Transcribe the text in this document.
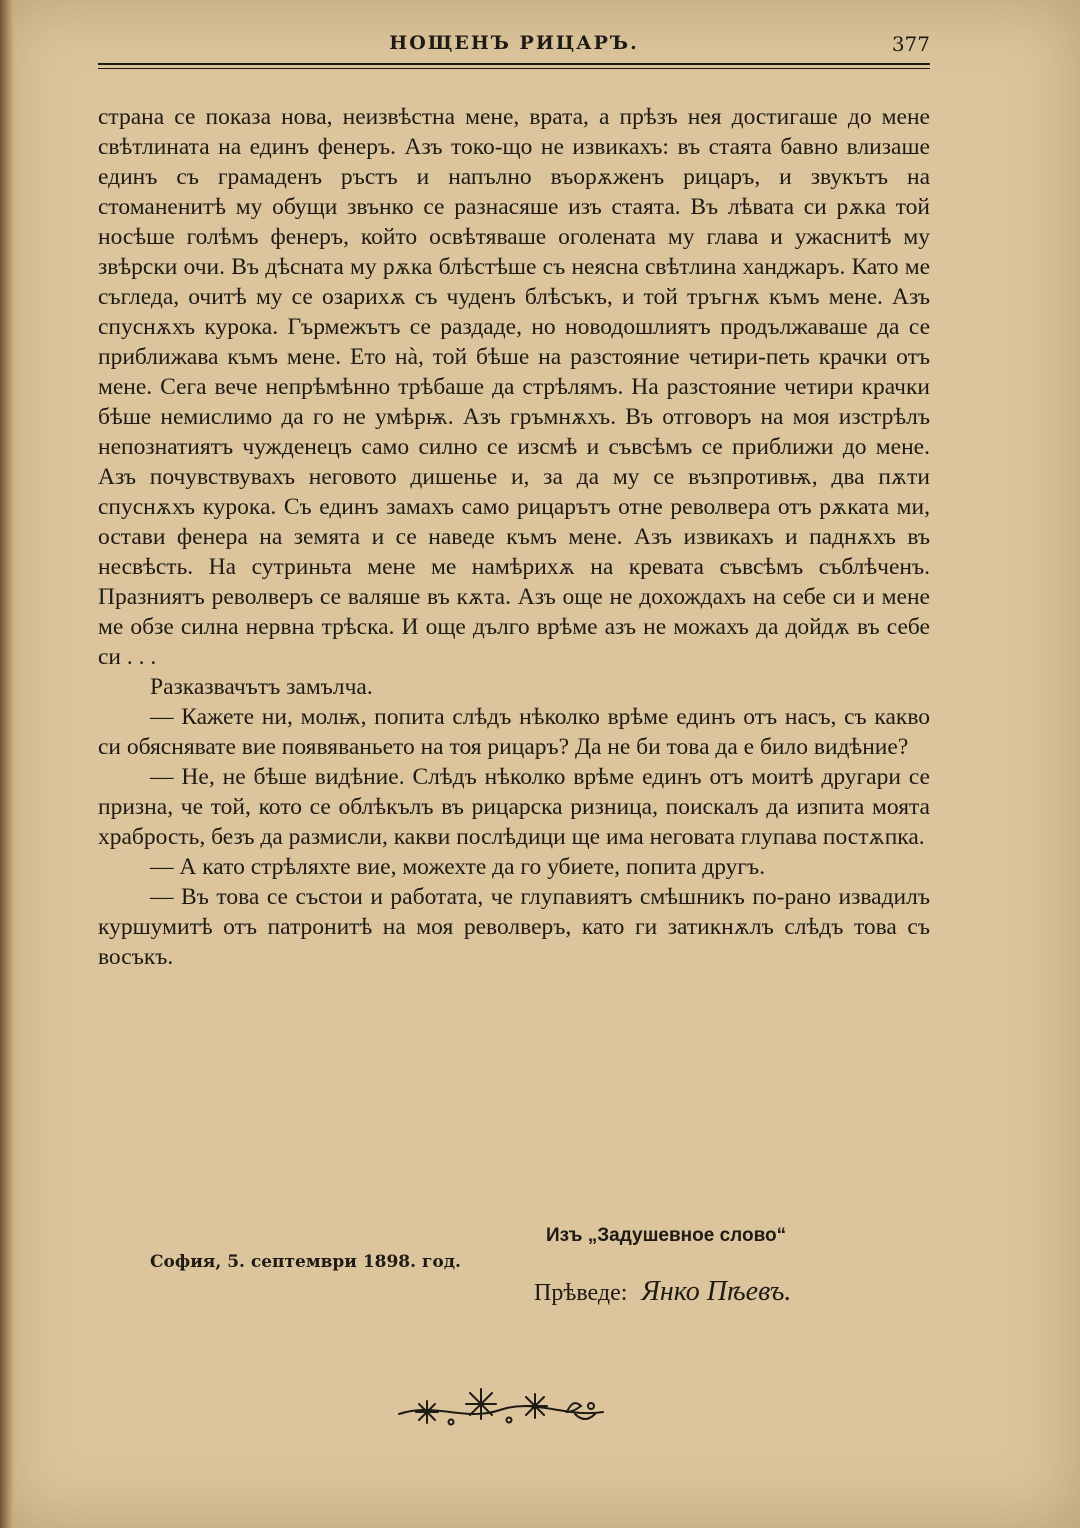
НОЩЕНЪ РИЦАРЪ.	377

страна се показа нова, неизвѣстна мене, врата, а прѣзъ нея достигаше до мене свѣтлината на единъ фенеръ. Азъ токо-що не извикахъ: въ стаята бавно влизаше единъ съ грамаденъ ръстъ и напълно въорѫженъ рицаръ, и звукътъ на стоманенитѣ му обущи звънко се разнасяше изъ стаята. Въ лѣвата си рѫка той носѣше голѣмъ фенеръ, който освѣтяваше оголената му глава и ужаснитѣ му звѣрски очи. Въ дѣсната му рѫка блѣстѣше съ неясна свѣтлина ханджаръ. Като ме съгледа, очитѣ му се озарихѫ съ чуденъ блѣсъкъ, и той тръгнѫ къмъ мене. Азъ спуснѫхъ курока. Гърмежътъ се раздаде, но новодошлиятъ продължаваше да се приближава къмъ мене. Ето нà, той бѣше на разстояние четири-петь крачки отъ мене. Сега вече непрѣмѣнно трѣбаше да стрѣлямъ. На разстояние четири крачки бѣше немислимо да го не умѣрѭ. Азъ гръмнѫхъ. Въ отговоръ на моя изстрѣлъ непознатиятъ чужденецъ само силно се изсмѣ и съвсѣмъ се приближи до мене. Азъ почувствувахъ неговото дишенье и, за да му се възпротивѭ, два пѫти спуснѫхъ курока. Съ единъ замахъ само рицарътъ отне револвера отъ рѫката ми, остави фенера на земята и се наведе къмъ мене. Азъ извикахъ и паднѫхъ въ несвѣсть. На сутриньта мене ме намѣрихѫ на кревата съвсѣмъ съблѣченъ. Празниятъ револверъ се валяше въ кѫта. Азъ още не дохождахъ на себе си и мене ме обзе силна нервна трѣска. И още дълго врѣме азъ не можахъ да дойдѫ въ себе си . . .

Разказвачътъ замълча.

— Кажете ни, молѭ, попита слѣдъ нѣколко врѣме единъ отъ насъ, съ какво си обяснявате вие появяваньето на тоя рицаръ? Да не би това да е било видѣние?

— Не, не бѣше видѣние. Слѣдъ нѣколко врѣме единъ отъ моитѣ другари се призна, че той, кото се облѣкълъ въ рицарска ризница, поискалъ да изпита моята храбрость, безъ да размисли, какви послѣдици ще има неговата глупава постѫпка.

— А като стрѣляхте вие, можехте да го убиете, попита другъ.

— Въ това се състои и работата, че глупавиятъ смѣшникъ по-рано извадилъ куршумитѣ отъ патронитѣ на моя револверъ, като ги затикнѫлъ слѣдъ това съ восъкъ.

Изъ „Задушевное слово“
София, 5. септември 1898. год.
Прѣведе: Янко Пѣевъ.
